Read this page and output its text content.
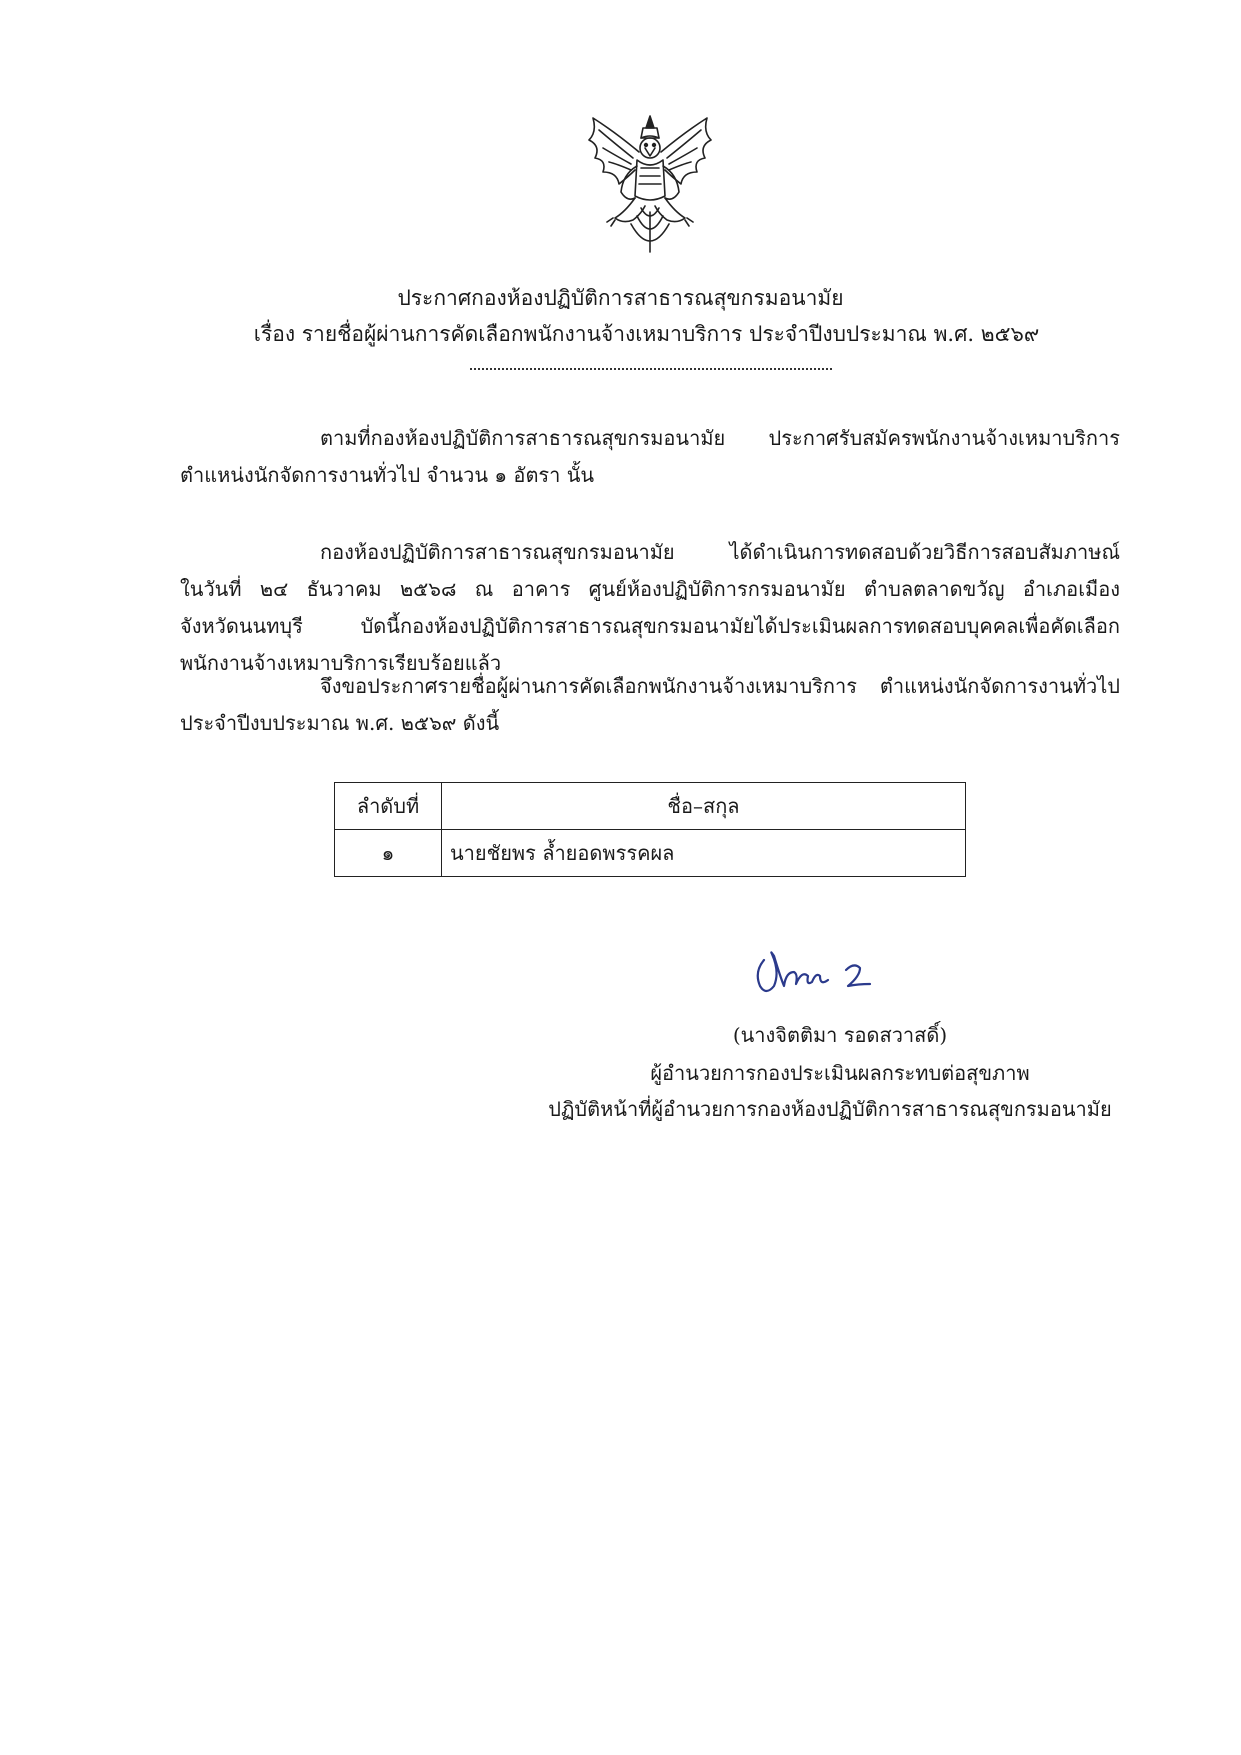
ประกาศกองห้องปฏิบัติการสาธารณสุขกรมอนามัย
เรื่อง รายชื่อผู้ผ่านการคัดเลือกพนักงานจ้างเหมาบริการ ประจำปีงบประมาณ พ.ศ. ๒๕๖๙
ตามที่กองห้องปฏิบัติการสาธารณสุขกรมอนามัย ประกาศรับสมัครพนักงานจ้างเหมาบริการ
ตำแหน่งนักจัดการงานทั่วไป จำนวน ๑ อัตรา นั้น
กองห้องปฏิบัติการสาธารณสุขกรมอนามัย ได้ดำเนินการทดสอบด้วยวิธีการสอบสัมภาษณ์
ในวันที่ ๒๔ ธันวาคม ๒๕๖๘ ณ อาคาร ศูนย์ห้องปฏิบัติการกรมอนามัย ตำบลตลาดขวัญ อำเภอเมือง
จังหวัดนนทบุรี บัดนี้กองห้องปฏิบัติการสาธารณสุขกรมอนามัยได้ประเมินผลการทดสอบบุคคลเพื่อคัดเลือก
พนักงานจ้างเหมาบริการเรียบร้อยแล้ว
จึงขอประกาศรายชื่อผู้ผ่านการคัดเลือกพนักงานจ้างเหมาบริการ ตำแหน่งนักจัดการงานทั่วไป
ประจำปีงบประมาณ พ.ศ. ๒๕๖๙ ดังนี้
ลำดับที่	ชื่อ–สกุล
๑	นายชัยพร ล้ำยอดพรรคผล
(นางจิตติมา รอดสวาสดิ์)
ผู้อำนวยการกองประเมินผลกระทบต่อสุขภาพ
ปฏิบัติหน้าที่ผู้อำนวยการกองห้องปฏิบัติการสาธารณสุขกรมอนามัย
